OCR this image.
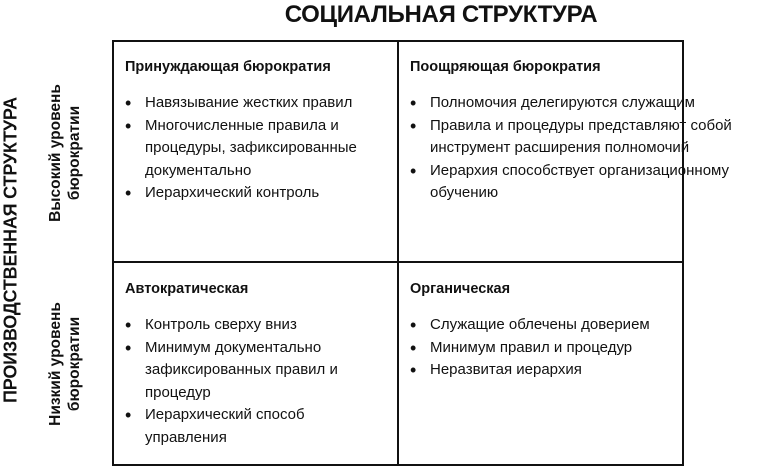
СОЦИАЛЬНАЯ СТРУКТУРА
ПРОИЗВОДСТВЕННАЯ СТРУКТУРА Высокий уровень бюрократии
Низкий уровень бюрократии
Принуждающая бюрократия
• Навязывание жестких правил
• Многочисленные правила и процедуры, зафиксированные документально
• Иерархический контроль
Поощряющая бюрократия
• Полномочия делегируются служащим
• Правила и процедуры представляют собой инструмент расширения полномочий
• Иерархия способствует организационному обучению
Автократическая
• Контроль сверху вниз
• Минимум документально зафиксированных правил и процедур
• Иерархический способ управления
Органическая
• Служащие облечены доверием
• Минимум правил и процедур
• Неразвитая иерархия
